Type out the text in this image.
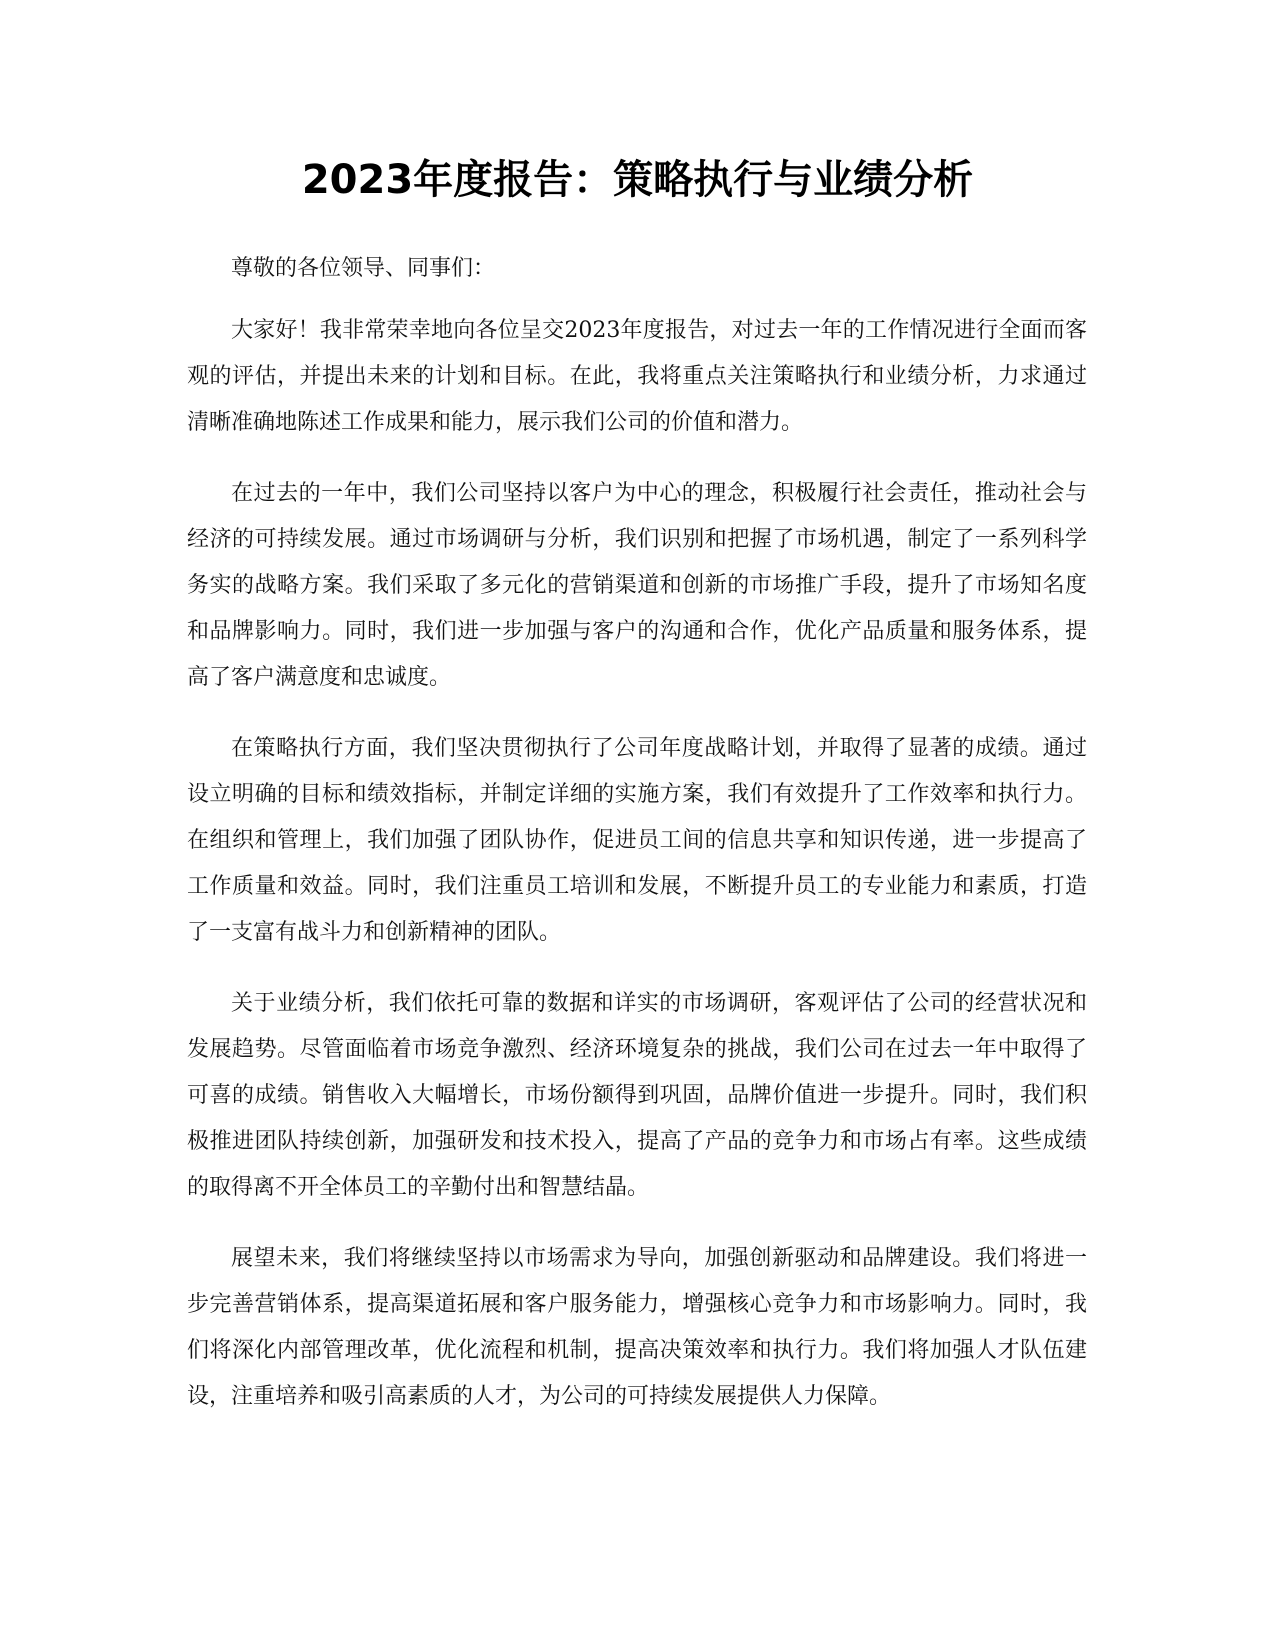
2023年度报告：策略执行与业绩分析

尊敬的各位领导、同事们：

大家好！我非常荣幸地向各位呈交2023年度报告，对过去一年的工作情况进行全面而客观的评估，并提出未来的计划和目标。在此，我将重点关注策略执行和业绩分析，力求通过清晰准确地陈述工作成果和能力，展示我们公司的价值和潜力。

在过去的一年中，我们公司坚持以客户为中心的理念，积极履行社会责任，推动社会与经济的可持续发展。通过市场调研与分析，我们识别和把握了市场机遇，制定了一系列科学务实的战略方案。我们采取了多元化的营销渠道和创新的市场推广手段，提升了市场知名度和品牌影响力。同时，我们进一步加强与客户的沟通和合作，优化产品质量和服务体系，提高了客户满意度和忠诚度。

在策略执行方面，我们坚决贯彻执行了公司年度战略计划，并取得了显著的成绩。通过设立明确的目标和绩效指标，并制定详细的实施方案，我们有效提升了工作效率和执行力。在组织和管理上，我们加强了团队协作，促进员工间的信息共享和知识传递，进一步提高了工作质量和效益。同时，我们注重员工培训和发展，不断提升员工的专业能力和素质，打造了一支富有战斗力和创新精神的团队。

关于业绩分析，我们依托可靠的数据和详实的市场调研，客观评估了公司的经营状况和发展趋势。尽管面临着市场竞争激烈、经济环境复杂的挑战，我们公司在过去一年中取得了可喜的成绩。销售收入大幅增长，市场份额得到巩固，品牌价值进一步提升。同时，我们积极推进团队持续创新，加强研发和技术投入，提高了产品的竞争力和市场占有率。这些成绩的取得离不开全体员工的辛勤付出和智慧结晶。

展望未来，我们将继续坚持以市场需求为导向，加强创新驱动和品牌建设。我们将进一步完善营销体系，提高渠道拓展和客户服务能力，增强核心竞争力和市场影响力。同时，我们将深化内部管理改革，优化流程和机制，提高决策效率和执行力。我们将加强人才队伍建设，注重培养和吸引高素质的人才，为公司的可持续发展提供人力保障。
